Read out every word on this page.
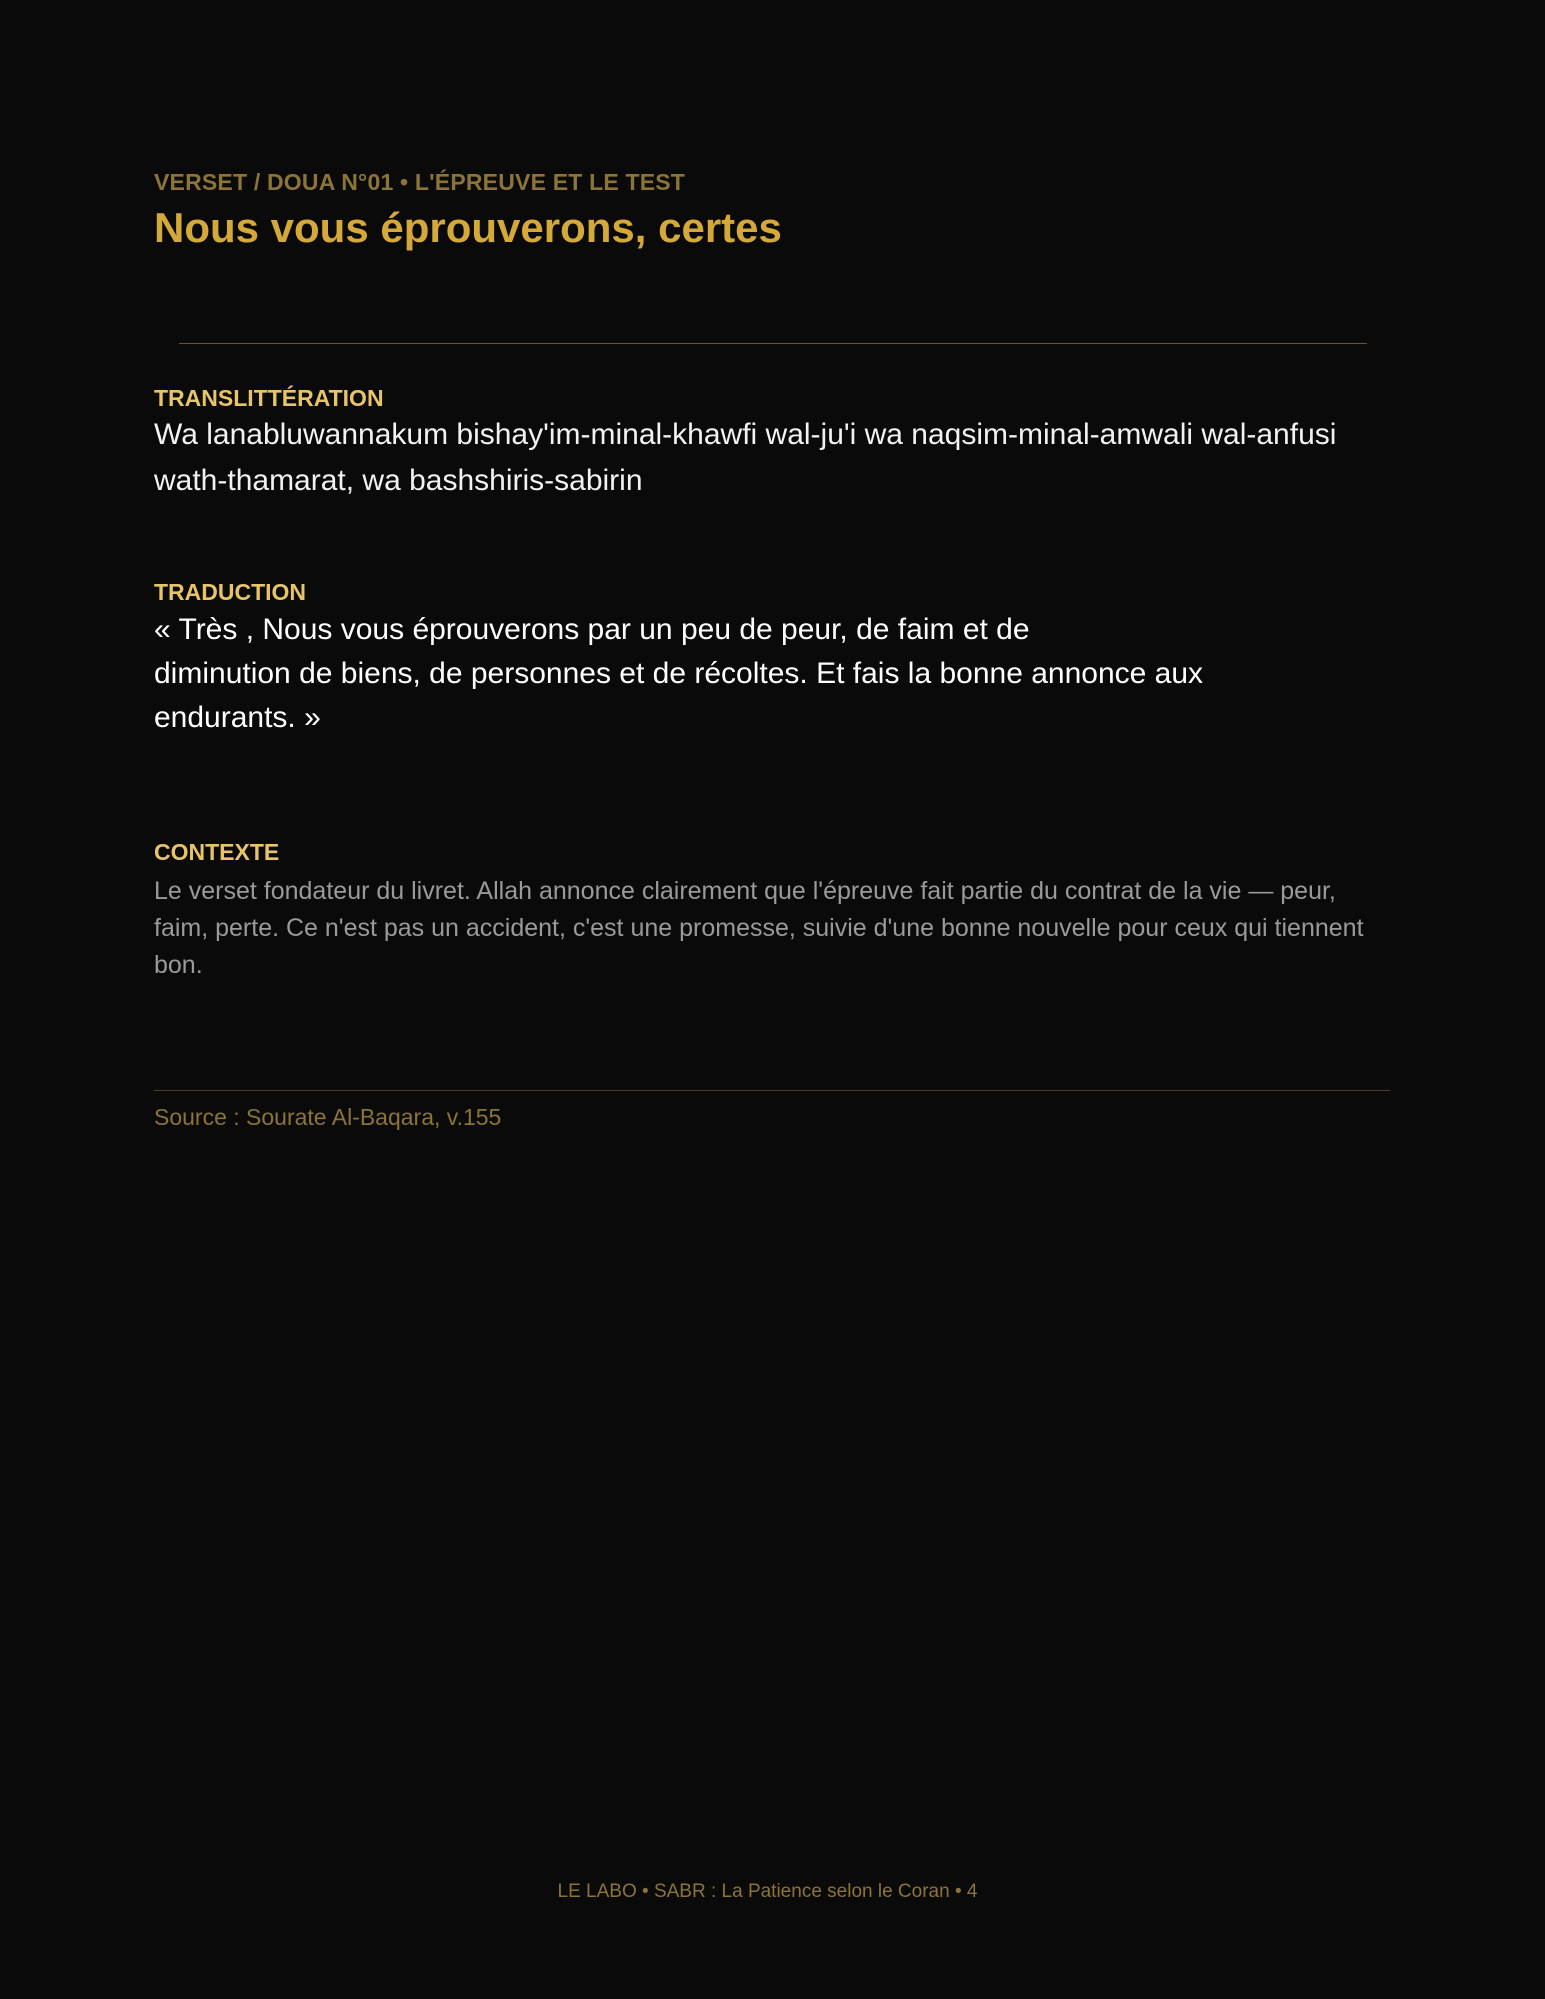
VERSET / DOUA N°01 • L'ÉPREUVE ET LE TEST
Nous vous éprouverons, certes
TRANSLITTÉRATION
Wa lanabluwannakum bishay'im-minal-khawfi wal-ju'i wa naqsim-minal-amwali wal-anfusi wath-thamarat, wa bashshiris-sabirin
TRADUCTION
« Très , Nous vous éprouverons par un peu de peur, de faim et de
diminution de biens, de personnes et de récoltes. Et fais la bonne annonce aux
endurants. »
CONTEXTE
Le verset fondateur du livret. Allah annonce clairement que l'épreuve fait partie du contrat de la vie — peur, faim, perte. Ce n'est pas un accident, c'est une promesse, suivie d'une bonne nouvelle pour ceux qui tiennent bon.
Source : Sourate Al-Baqara, v.155
LE LABO • SABR : La Patience selon le Coran • 4
